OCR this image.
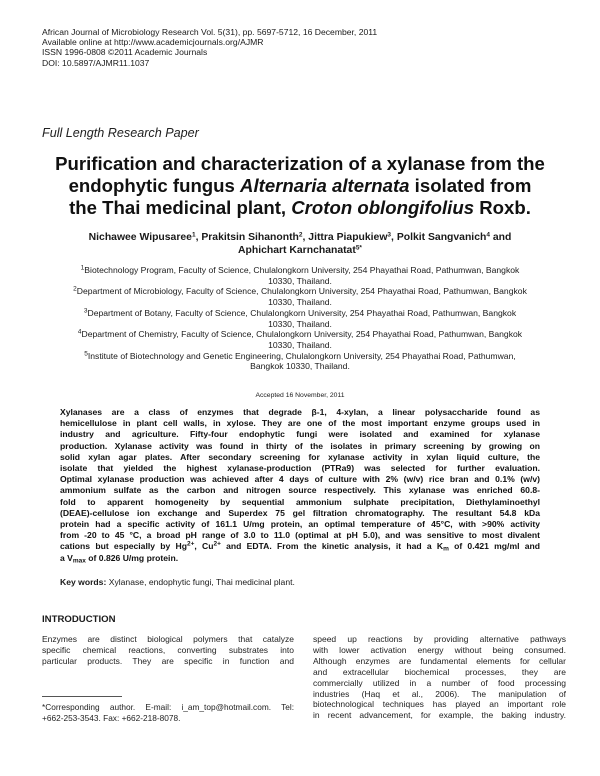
African Journal of Microbiology Research Vol. 5(31), pp. 5697-5712, 16 December, 2011
Available online at http://www.academicjournals.org/AJMR
ISSN 1996-0808 ©2011 Academic Journals
DOI: 10.5897/AJMR11.1037
Full Length Research Paper
Purification and characterization of a xylanase from the
endophytic fungus Alternaria alternata isolated from
the Thai medicinal plant, Croton oblongifolius Roxb.
Nichawee Wipusaree$^1$, Prakitsin Sihanonth$^2$, Jittra Piapukiew$^3$, Polkit Sangvanich$^4$ and
Aphichart Karnchanatat$^{5*}$
$^1$Biotechnology Program, Faculty of Science, Chulalongkorn University, 254 Phayathai Road, Pathumwan, Bangkok
10330, Thailand.
$^2$Department of Microbiology, Faculty of Science, Chulalongkorn University, 254 Phayathai Road, Pathumwan, Bangkok
10330, Thailand.
$^3$Department of Botany, Faculty of Science, Chulalongkorn University, 254 Phayathai Road, Pathumwan, Bangkok
10330, Thailand.
$^4$Department of Chemistry, Faculty of Science, Chulalongkorn University, 254 Phayathai Road, Pathumwan, Bangkok
10330, Thailand.
$^5$Institute of Biotechnology and Genetic Engineering, Chulalongkorn University, 254 Phayathai Road, Pathumwan,
Bangkok 10330, Thailand.
Accepted 16 November, 2011
Xylanases are a class of enzymes that degrade β-1, 4-xylan, a linear polysaccharide found as
hemicellulose in plant cell walls, in xylose. They are one of the most important enzyme groups used in
industry and agriculture. Fifty-four endophytic fungi were isolated and examined for xylanase
production. Xylanase activity was found in thirty of the isolates in primary screening by growing on
solid xylan agar plates. After secondary screening for xylanase activity in xylan liquid culture, the
isolate that yielded the highest xylanase-production (PTRa9) was selected for further evaluation.
Optimal xylanase production was achieved after 4 days of culture with 2% (w/v) rice bran and 0.1% (w/v)
ammonium sulfate as the carbon and nitrogen source respectively. This xylanase was enriched 60.8-
fold to apparent homogeneity by sequential ammonium sulphate precipitation, Diethylaminoethyl
(DEAE)-cellulose ion exchange and Superdex 75 gel filtration chromatography. The resultant 54.8 kDa
protein had a specific activity of 161.1 U/mg protein, an optimal temperature of 45°C, with >90% activity
from -20 to 45 °C, a broad pH range of 3.0 to 11.0 (optimal at pH 5.0), and was sensitive to most divalent
cations but especially by $Hg^{2+}$, $Cu^{2+}$ and EDTA. From the kinetic analysis, it had a $K_m$ of 0.421 mg/ml and
a $V_{max}$ of 0.826 U/mg protein.
Key words: Xylanase, endophytic fungi, Thai medicinal plant.
INTRODUCTION
Enzymes are distinct biological polymers that catalyze
specific chemical reactions, converting substrates into
particular products. They are specific in function and
speed up reactions by providing alternative pathways
with lower activation energy without being consumed.
Although enzymes are fundamental elements for cellular
and extracellular biochemical processes, they are
commercially utilized in a number of food processing
industries (Haq et al., 2006). The manipulation of
biotechnological techniques has played an important role
in recent advancement, for example, the baking industry.
*Corresponding author. E-mail: i_am_top@hotmail.com. Tel:
+662-253-3543. Fax: +662-218-8078.
